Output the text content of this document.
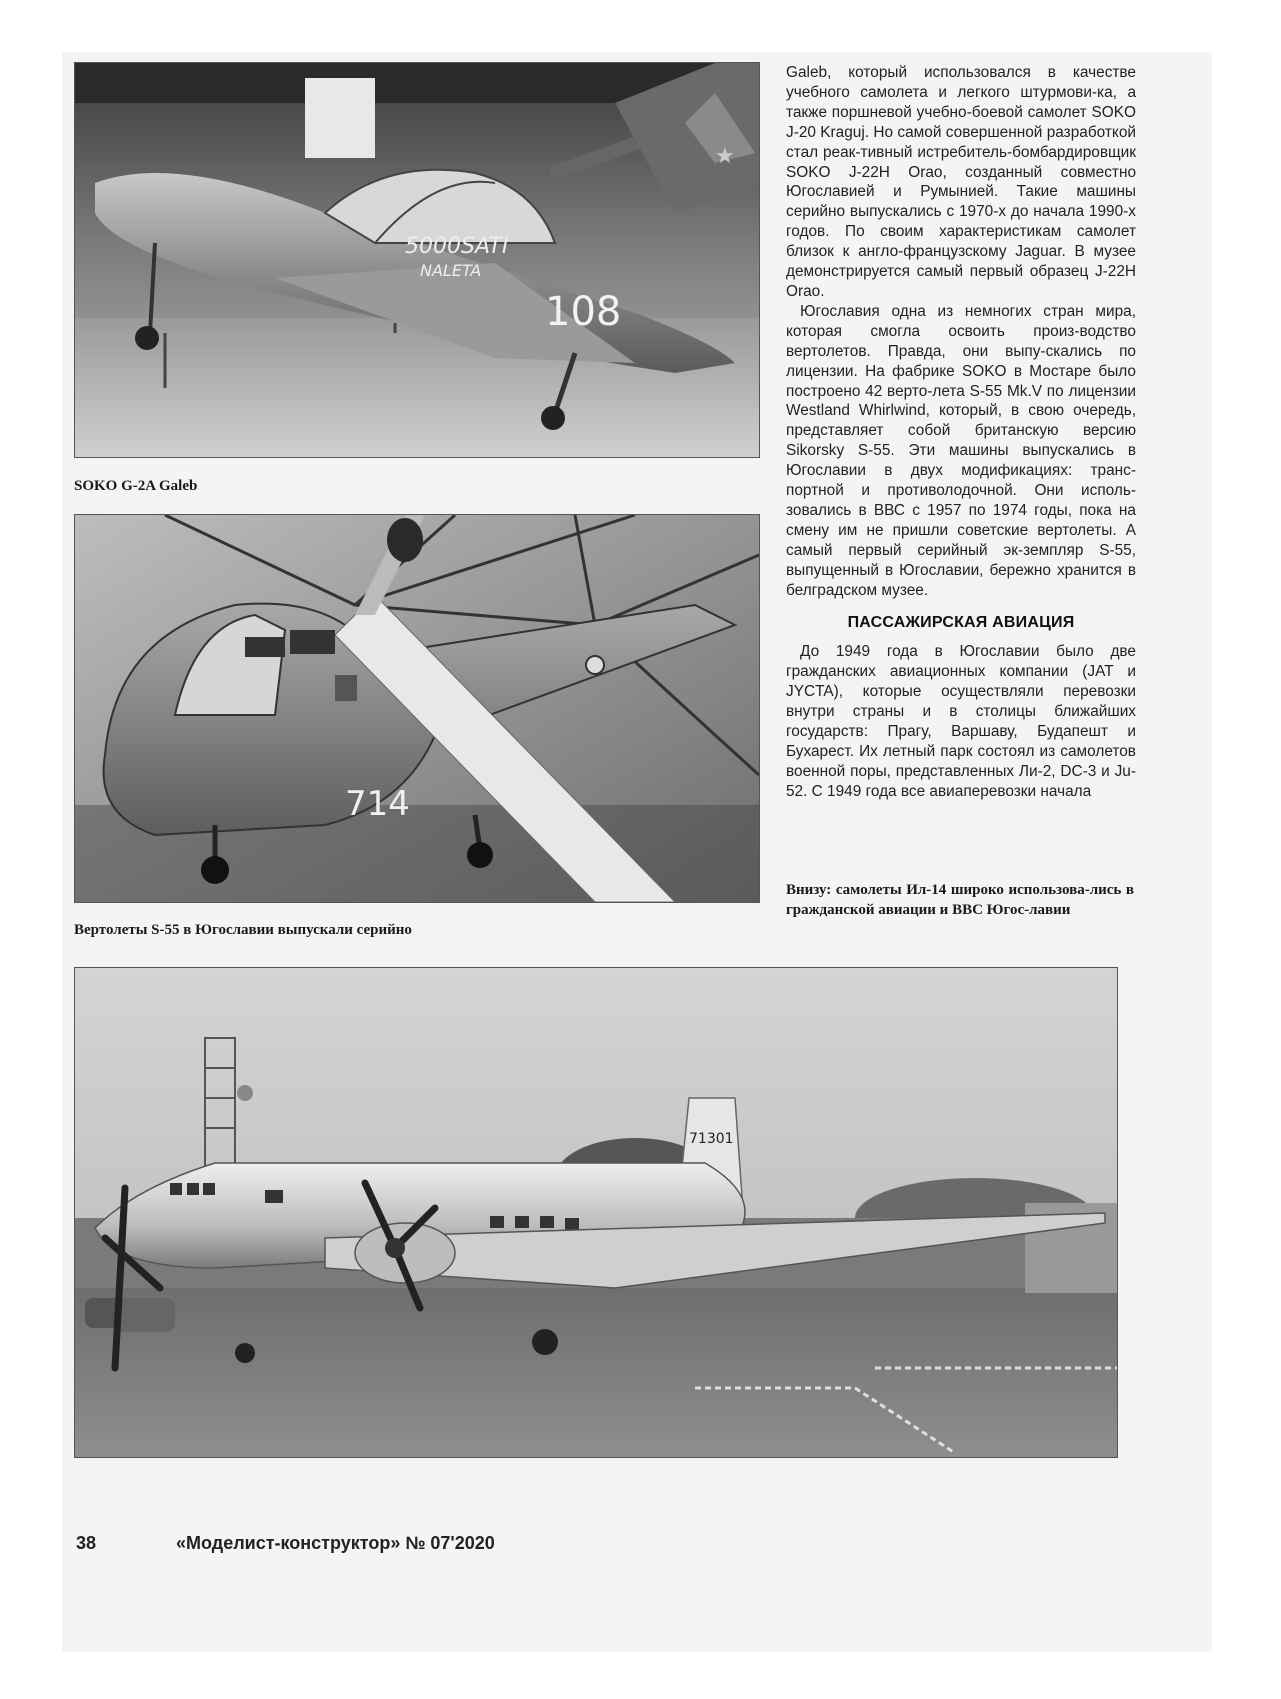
★
5000SATI
NALETA
108
SOKO G-2A Galeb
714
Вертолеты S-55 в Югославии выпускали серийно

Galeb, который использовался в качестве учебного самолета и легкого штурмови-ка, а также поршневой учебно-боевой самолет SOKO J-20 Kraguj. Но самой совершенной разработкой стал реак-тивный истребитель-бомбардировщик SOKO J-22H Orao, созданный совместно Югославией и Румынией. Такие машины серийно выпускались с 1970-х до начала 1990-х годов. По своим характеристикам самолет близок к англо-французскому Jaguar. В музее демонстрируется самый первый образец J-22H Orao.

Югославия одна из немногих стран мира, которая смогла освоить произ-водство вертолетов. Правда, они выпу-скались по лицензии. На фабрике SOKO в Мостаре было построено 42 верто-лета S-55 Mk.V по лицензии Westland Whirlwind, который, в свою очередь, представляет собой британскую версию Sikorsky S-55. Эти машины выпускались в Югославии в двух модификациях: транс-портной и противолодочной. Они исполь-зовались в ВВС с 1957 по 1974 годы, пока на смену им не пришли советские вертолеты. А самый первый серийный эк-земпляр S-55, выпущенный в Югославии, бережно хранится в белградском музее.

ПАССАЖИРСКАЯ АВИАЦИЯ

До 1949 года в Югославии было две гражданских авиационных компании (JAT и JYCTA), которые осуществляли перевозки внутри страны и в столицы ближайших государств: Прагу, Варшаву, Будапешт и Бухарест. Их летный парк состоял из самолетов военной поры, представленных Ли-2, DC-3 и Ju-52. С 1949 года все авиаперевозки начала

Внизу: самолеты Ил-14 широко использова-лись в гражданской авиации и ВВС Югос-лавии
71301
38	«Моделист-конструктор» № 07'2020
